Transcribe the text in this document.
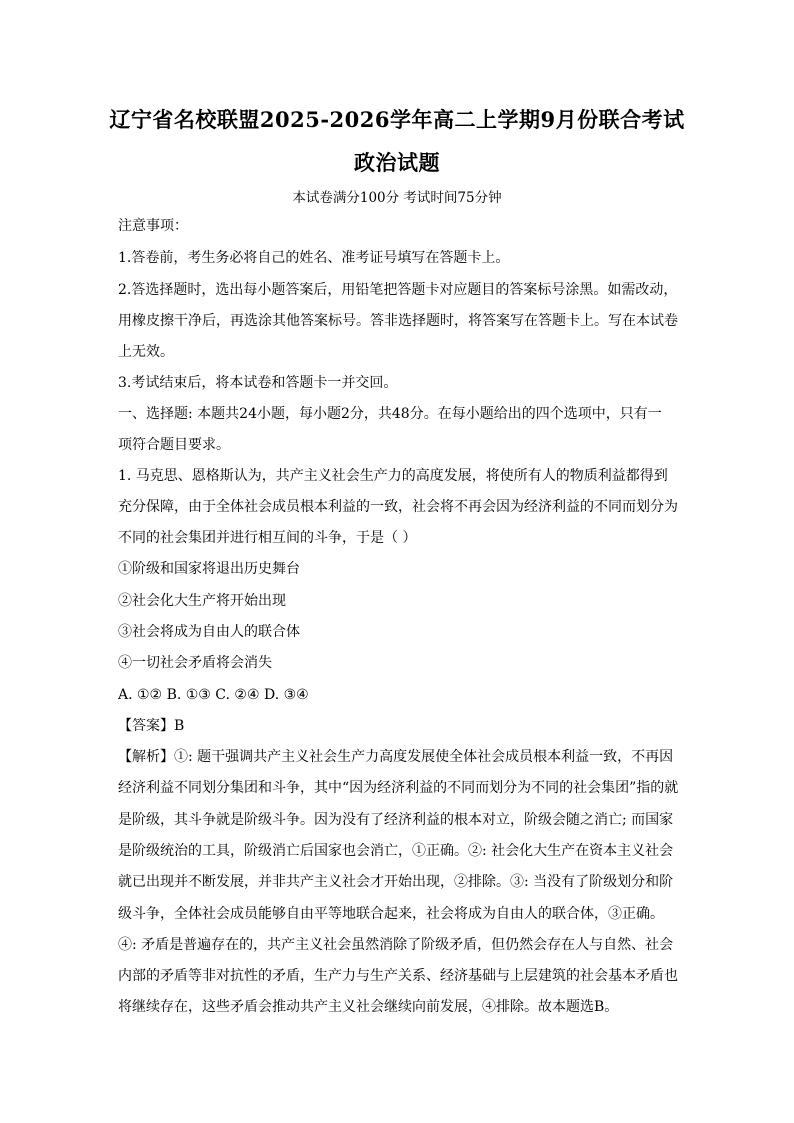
辽宁省名校联盟2025-2026学年高二上学期9月份联合考试
政治试题
本试卷满分100分 考试时间75分钟
注意事项：
1.答卷前，考生务必将自己的姓名、准考证号填写在答题卡上。
2.答选择题时，选出每小题答案后，用铅笔把答题卡对应题目的答案标号涂黑。如需改动，
用橡皮擦干净后，再选涂其他答案标号。答非选择题时，将答案写在答题卡上。写在本试卷
上无效。
3.考试结束后，将本试卷和答题卡一并交回。
一、选择题: 本题共24小题，每小题2分，共48分。在每小题给出的四个选项中，只有一
项符合题目要求。
1. 马克思、恩格斯认为，共产主义社会生产力的高度发展，将使所有人的物质利益都得到
充分保障，由于全体社会成员根本利益的一致，社会将不再会因为经济利益的不同而划分为
不同的社会集团并进行相互间的斗争，于是（ ）
①阶级和国家将退出历史舞台
②社会化大生产将开始出现
③社会将成为自由人的联合体
④一切社会矛盾将会消失
A. ①② B. ①③ C. ②④ D. ③④
【答案】B
【解析】①: 题干强调共产主义社会生产力高度发展使全体社会成员根本利益一致，不再因
经济利益不同划分集团和斗争，其中“因为经济利益的不同而划分为不同的社会集团”指的就
是阶级，其斗争就是阶级斗争。因为没有了经济利益的根本对立，阶级会随之消亡; 而国家
是阶级统治的工具，阶级消亡后国家也会消亡，①正确。②: 社会化大生产在资本主义社会
就已出现并不断发展，并非共产主义社会才开始出现，②排除。③: 当没有了阶级划分和阶
级斗争，全体社会成员能够自由平等地联合起来，社会将成为自由人的联合体，③正确。
④: 矛盾是普遍存在的，共产主义社会虽然消除了阶级矛盾，但仍然会存在人与自然、社会
内部的矛盾等非对抗性的矛盾，生产力与生产关系、经济基础与上层建筑的社会基本矛盾也
将继续存在，这些矛盾会推动共产主义社会继续向前发展，④排除。故本题选B。
